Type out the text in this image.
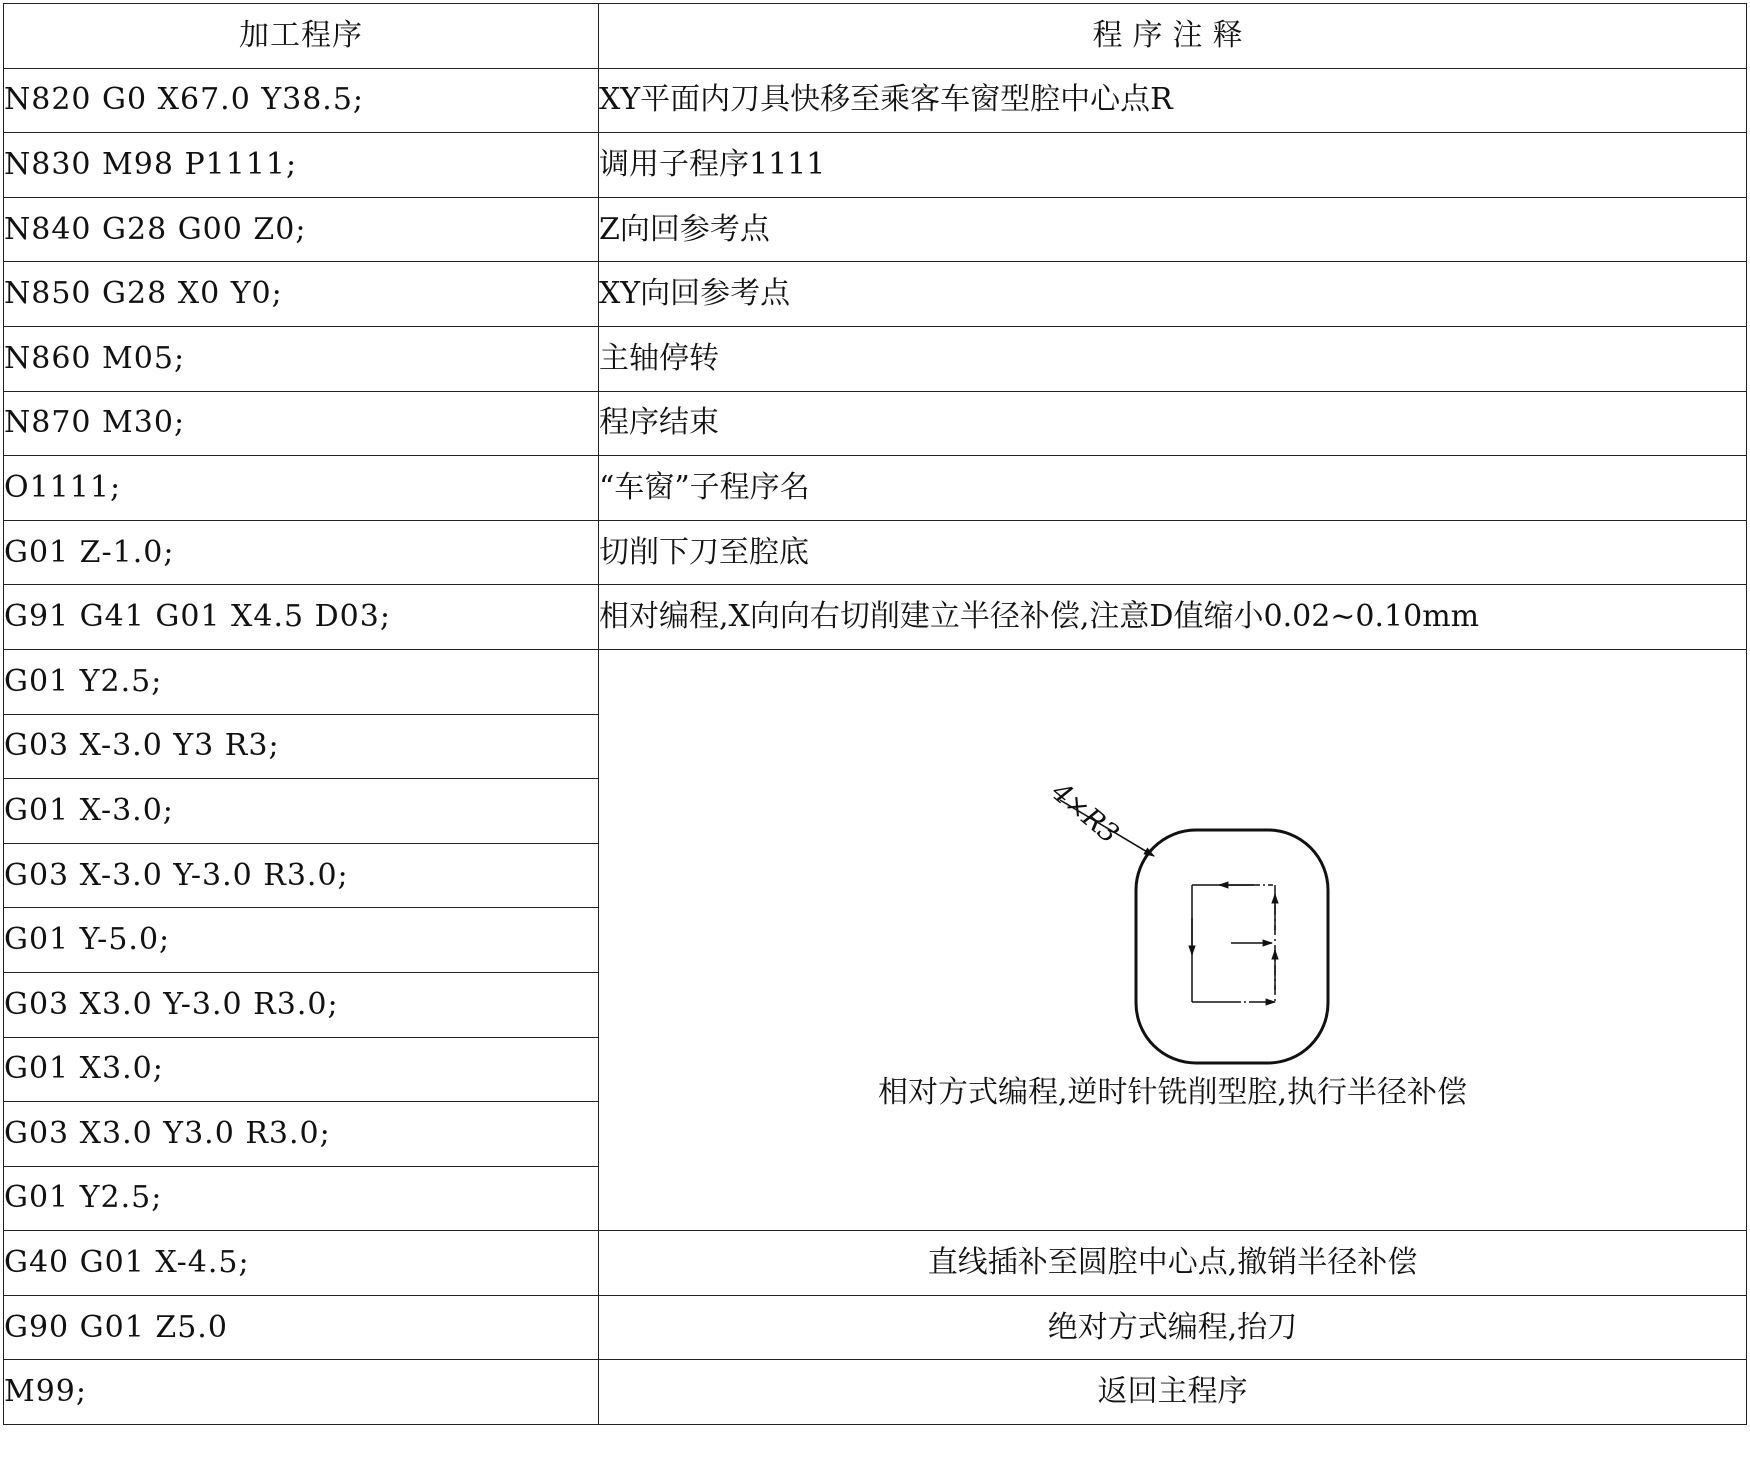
加工程序	程序注释
N820 G0 X67.0 Y38.5;	XY平面内刀具快移至乘客车窗型腔中心点R
N830 M98 P1111;	调用子程序1111
N840 G28 G00 Z0;	Z向回参考点
N850 G28 X0 Y0;	XY向回参考点
N860 M05;	主轴停转
N870 M30;	程序结束
O1111;	“车窗”子程序名
G01 Z-1.0;	切削下刀至腔底
G91 G41 G01 X4.5 D03;	相对编程,X向向右切削建立半径补偿,注意D值缩小0.02~0.10mm
G01 Y2.5;	4×R3
相对方式编程,逆时针铣削型腔,执行半径补偿

G03 X-3.0 Y3 R3;	
G01 X-3.0;	
G03 X-3.0 Y-3.0 R3.0;	
G01 Y-5.0;	
G03 X3.0 Y-3.0 R3.0;	
G01 X3.0;	
G03 X3.0 Y3.0 R3.0;	
G01 Y2.5;	
G40 G01 X-4.5;	直线插补至圆腔中心点,撤销半径补偿
G90 G01 Z5.0	绝对方式编程,抬刀
M99;	返回主程序
